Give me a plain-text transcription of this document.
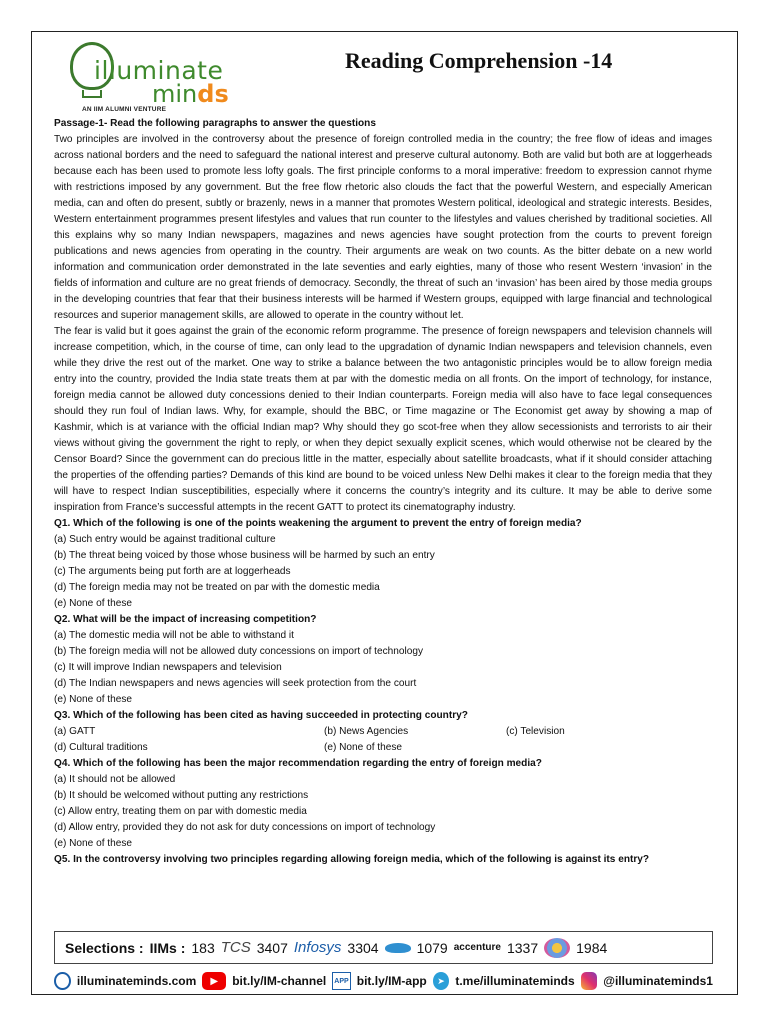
illuminate
minds
AN IIM ALUMNI VENTURE
Reading Comprehension -14

Passage-1- Read the following paragraphs to answer the questions

Two principles are involved in the controversy about the presence of foreign controlled media in the country; the free flow of ideas and images across national borders and the need to safeguard the national interest and preserve cultural autonomy. Both are valid but both are at loggerheads because each has been used to promote less lofty goals. The first principle conforms to a moral imperative: freedom to expression cannot rhyme with restrictions imposed by any government. But the free flow rhetoric also clouds the fact that the powerful Western, and especially American media, can and often do present, subtly or brazenly, news in a manner that promotes Western political, ideological and strategic interests. Besides, Western entertainment programmes present lifestyles and values that run counter to the lifestyles and values cherished by traditional societies. All this explains why so many Indian newspapers, magazines and news agencies have sought protection from the courts to prevent foreign publications and news agencies from operating in the country. Their arguments are weak on two counts. As the bitter debate on a new world information and communication order demonstrated in the late seventies and early eighties, many of those who resent Western ‘invasion’ in the fields of information and culture are no great friends of democracy. Secondly, the threat of such an ‘invasion’ has been aired by those media groups in the developing countries that fear that their business interests will be harmed if Western groups, equipped with large financial and technological resources and superior management skills, are allowed to operate in the country without let.

The fear is valid but it goes against the grain of the economic reform programme. The presence of foreign newspapers and television channels will increase competition, which, in the course of time, can only lead to the upgradation of dynamic Indian newspapers and television channels, even while they drive the rest out of the market. One way to strike a balance between the two antagonistic principles would be to allow foreign media entry into the country, provided the India state treats them at par with the domestic media on all fronts. On the import of technology, for instance, foreign media cannot be allowed duty concessions denied to their Indian counterparts. Foreign media will also have to face legal consequences should they run foul of Indian laws. Why, for example, should the BBC, or Time magazine or The Economist get away by showing a map of Kashmir, which is at variance with the official Indian map? Why should they go scot-free when they allow secessionists and terrorists to air their views without giving the government the right to reply, or when they depict sexually explicit scenes, which would otherwise not be cleared by the Censor Board? Since the government can do precious little in the matter, especially about satellite broadcasts, what if it should consider attaching the properties of the offending parties? Demands of this kind are bound to be voiced unless New Delhi makes it clear to the foreign media that they will have to respect Indian susceptibilities, especially where it concerns the country’s integrity and its culture. It may be able to derive some inspiration from France’s successful attempts in the recent GATT to protect its cinematography industry.

Q1. Which of the following is one of the points weakening the argument to prevent the entry of foreign media?

(a) Such entry would be against traditional culture

(b) The threat being voiced by those whose business will be harmed by such an entry

(c) The arguments being put forth are at loggerheads

(d) The foreign media may not be treated on par with the domestic media

(e) None of these

Q2. What will be the impact of increasing competition?

(a) The domestic media will not be able to withstand it

(b) The foreign media will not be allowed duty concessions on import of technology

(c) It will improve Indian newspapers and television

(d) The Indian newspapers and news agencies will seek protection from the court

(e) None of these

Q3. Which of the following has been cited as having succeeded in protecting country?

(a) GATT	(b) News Agencies	(c) Television
(d) Cultural traditions	(e) None of these

Q4. Which of the following has been the major recommendation regarding the entry of foreign media?

(a) It should not be allowed

(b) It should be welcomed without putting any restrictions

(c) Allow entry, treating them on par with domestic media

(d) Allow entry, provided they do not ask for duty concessions on import of technology

(e) None of these

Q5. In the controversy involving two principles regarding allowing foreign media, which of the following is against its entry?

Selections : IIMs : 183 TCS 3407 Infosys 3304	1079 accenture 1337	1984
illuminateminds.com	▶	bit.ly/IM-channel APP bit.ly/IM-app	➤ t.me/illuminateminds @illuminateminds1
